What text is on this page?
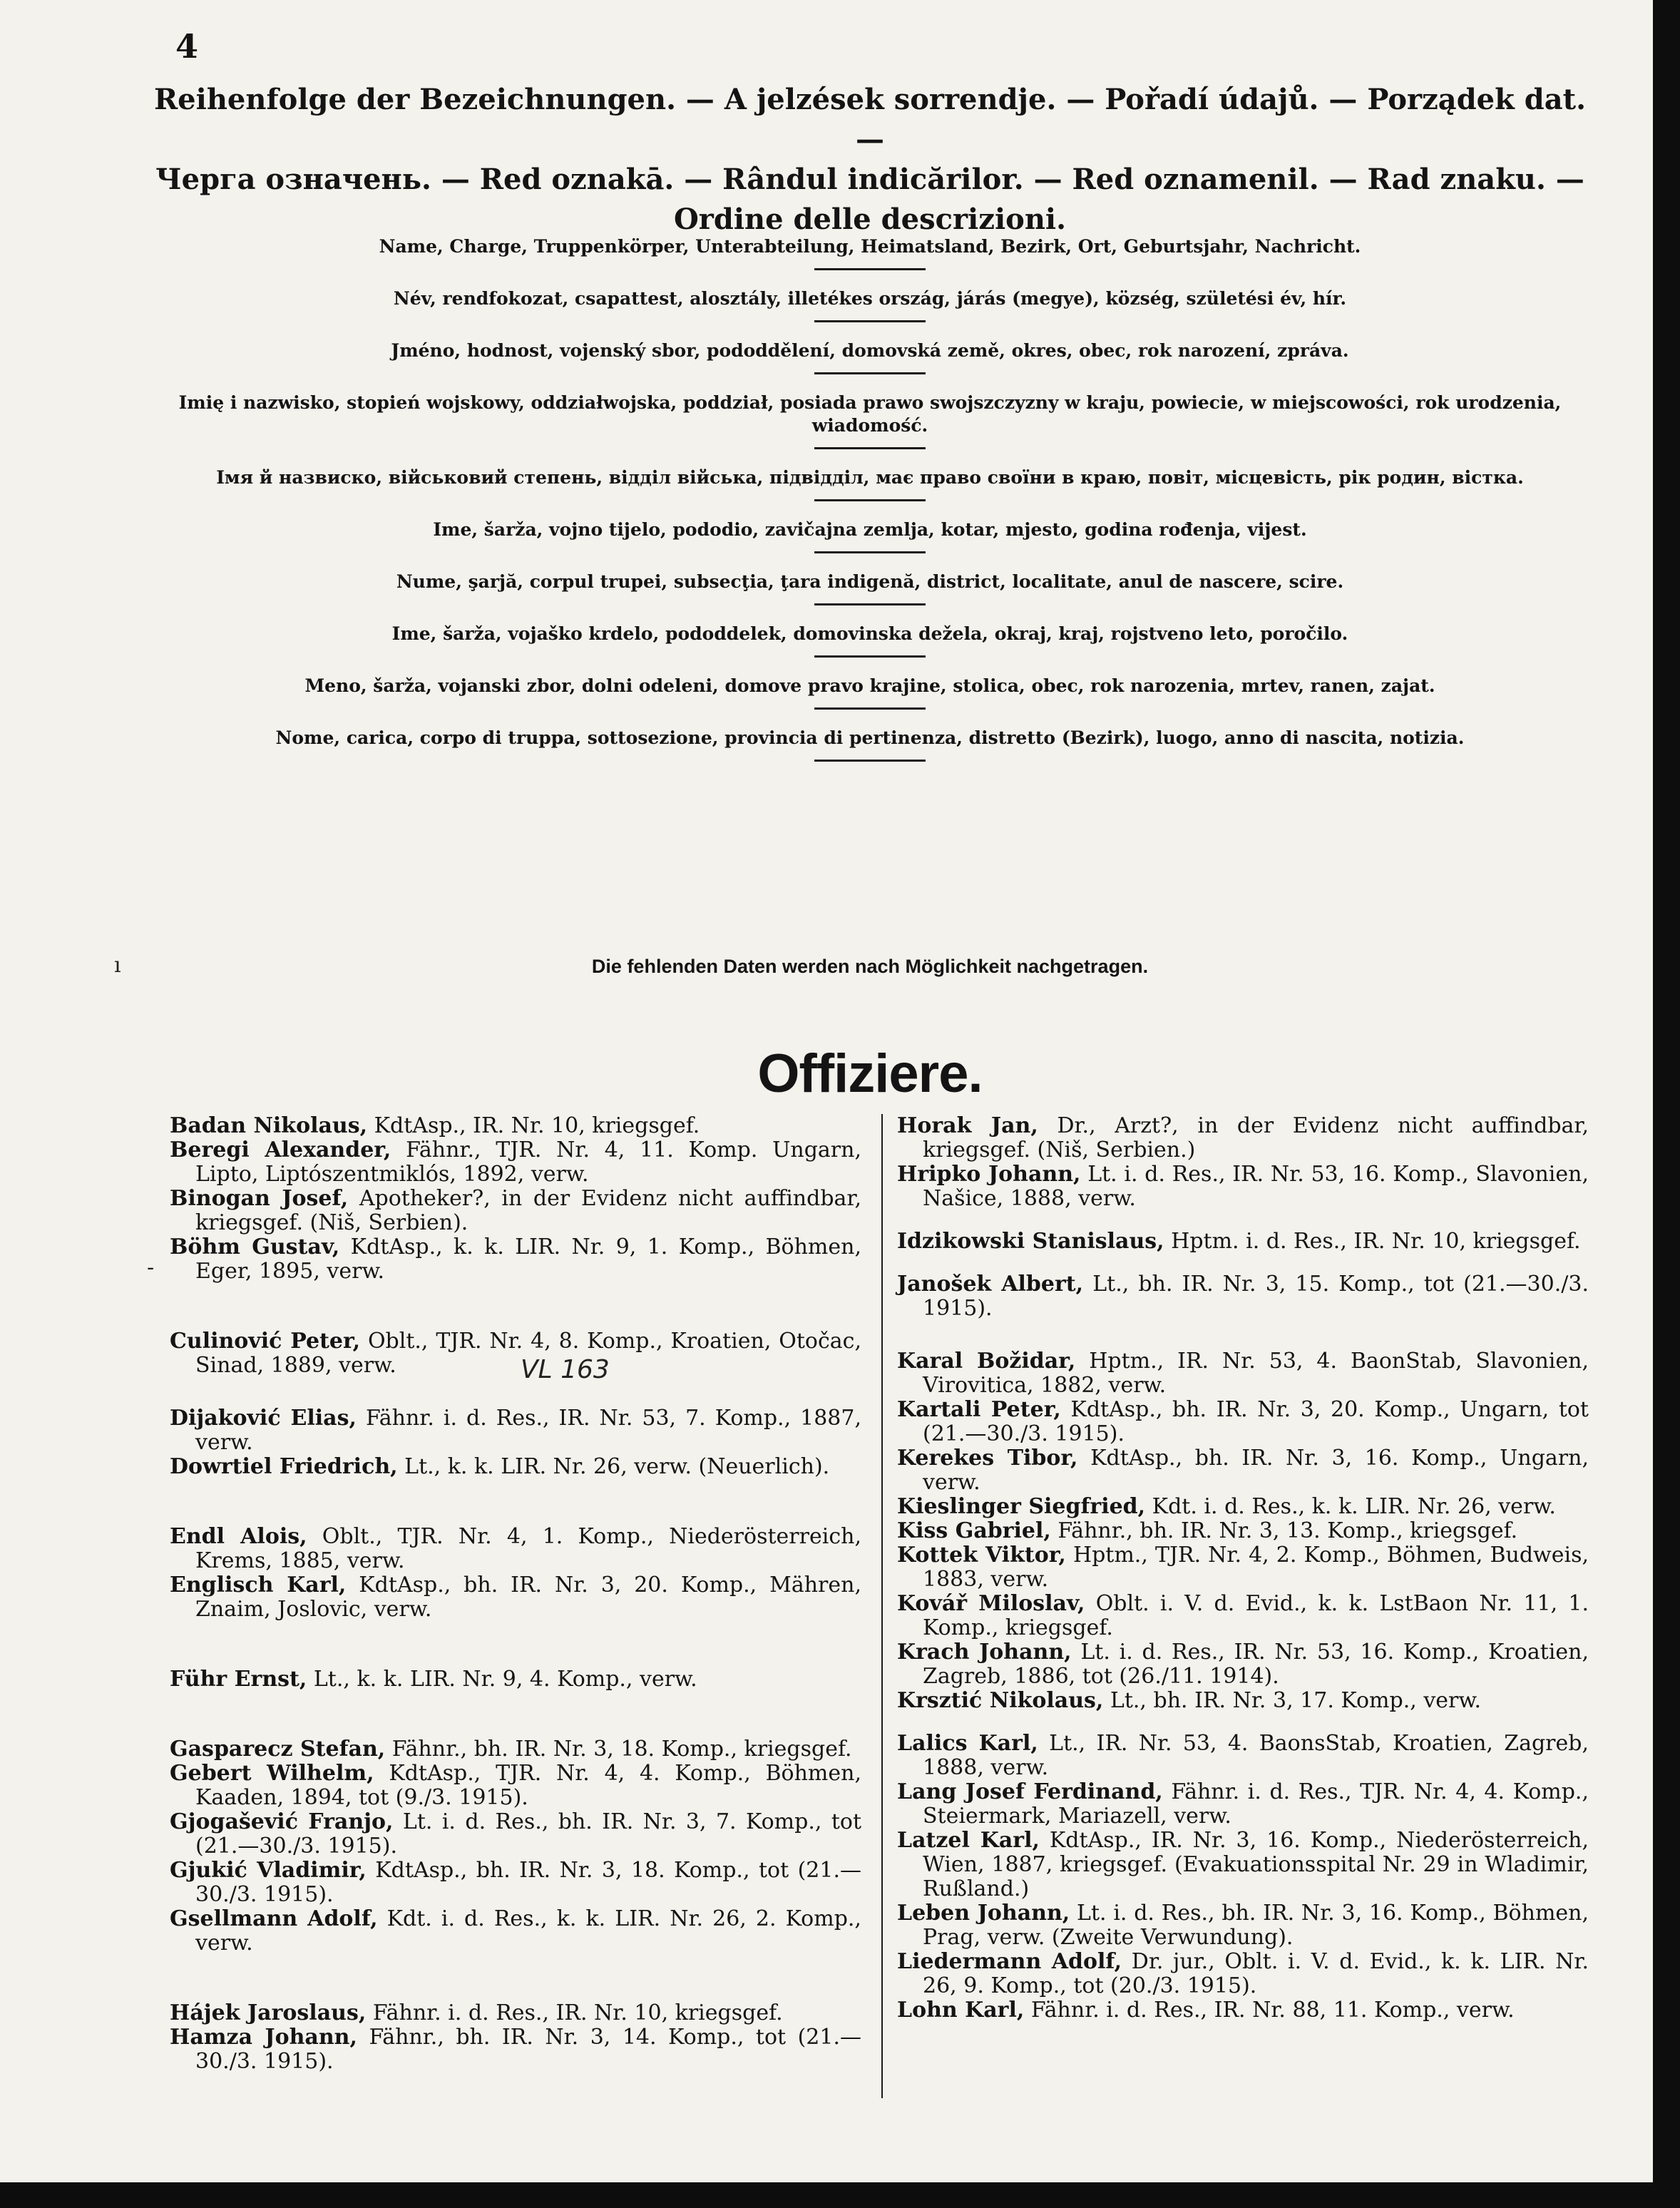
4
Reihenfolge der Bezeichnungen. — A jelzések sorrendje. — Pořadí údajů. — Porządek dat. —
Черга означень. — Red oznakā. — Rândul indicărilor. — Red oznamenil. — Rad znaku. —
Ordine delle descrizioni.
Name, Charge, Truppenkörper, Unterabteilung, Heimatsland, Bezirk, Ort, Geburtsjahr, Nachricht.
Név, rendfokozat, csapattest, alosztály, illetékes ország, járás (megye), község, születési év, hír.
Jméno, hodnost, vojenský sbor, pododdělení, domovská země, okres, obec, rok narození, zpráva.
Imię i nazwisko, stopień wojskowy, oddziałwojska, poddział, posiada prawo swojszczyzny w kraju, powiecie, w miejscowości, rok urodzenia, wiadomość.
Імя й назвиско, військовий степень, відділ війська, підвідділ, має право своїни в краю, повіт, місцевість, рік родин, вістка.
Ime, šarža, vojno tijelo, pododio, zavičajna zemlja, kotar, mjesto, godina rođenja, vijest.
Nume, şarjă, corpul trupei, subsecţia, ţara indigenă, district, localitate, anul de nascere, scire.
Ime, šarža, vojaško krdelo, pododdelek, domovinska dežela, okraj, kraj, rojstveno leto, poročilo.
Meno, šarža, vojanski zbor, dolni odeleni, domove pravo krajine, stolica, obec, rok narozenia, mrtev, ranen, zajat.
Nome, carica, corpo di truppa, sottosezione, provincia di pertinenza, distretto (Bezirk), luogo, anno di nascita, notizia.
Die fehlenden Daten werden nach Möglichkeit nachgetragen.
Offiziere.
Badan Nikolaus, KdtAsp., IR. Nr. 10, kriegsgef.
Beregi Alexander, Fähnr., TJR. Nr. 4, 11. Komp. Ungarn, Lipto, Liptószentmiklós, 1892, verw.
Binogan Josef, Apotheker?, in der Evidenz nicht auffindbar, kriegsgef. (Niš, Serbien).
Böhm Gustav, KdtAsp., k. k. LIR. Nr. 9, 1. Komp., Böhmen, Eger, 1895, verw.
Culinović Peter, Oblt., TJR. Nr. 4, 8. Komp., Kroatien, Otočac, Sinad, 1889, verw.
Dijaković Elias, Fähnr. i. d. Res., IR. Nr. 53, 7. Komp., 1887, verw.
Dowrtiel Friedrich, Lt., k. k. LIR. Nr. 26, verw. (Neuerlich).
Endl Alois, Oblt., TJR. Nr. 4, 1. Komp., Niederösterreich, Krems, 1885, verw.
Englisch Karl, KdtAsp., bh. IR. Nr. 3, 20. Komp., Mähren, Znaim, Joslovic, verw.
Führ Ernst, Lt., k. k. LIR. Nr. 9, 4. Komp., verw.
Gasparecz Stefan, Fähnr., bh. IR. Nr. 3, 18. Komp., kriegsgef.
Gebert Wilhelm, KdtAsp., TJR. Nr. 4, 4. Komp., Böhmen, Kaaden, 1894, tot (9./3. 1915).
Gjogašević Franjo, Lt. i. d. Res., bh. IR. Nr. 3, 7. Komp., tot (21.—30./3. 1915).
Gjukić Vladimir, KdtAsp., bh. IR. Nr. 3, 18. Komp., tot (21.—30./3. 1915).
Gsellmann Adolf, Kdt. i. d. Res., k. k. LIR. Nr. 26, 2. Komp., verw.
Hájek Jaroslaus, Fähnr. i. d. Res., IR. Nr. 10, kriegsgef.
Hamza Johann, Fähnr., bh. IR. Nr. 3, 14. Komp., tot (21.—30./3. 1915).
Horak Jan, Dr., Arzt?, in der Evidenz nicht auffindbar, kriegsgef. (Niš, Serbien.)
Hripko Johann, Lt. i. d. Res., IR. Nr. 53, 16. Komp., Slavonien, Našice, 1888, verw.
Idzikowski Stanislaus, Hptm. i. d. Res., IR. Nr. 10, kriegsgef.
Janošek Albert, Lt., bh. IR. Nr. 3, 15. Komp., tot (21.—30./3. 1915).
Karal Božidar, Hptm., IR. Nr. 53, 4. BaonStab, Slavonien, Virovitica, 1882, verw.
Kartali Peter, KdtAsp., bh. IR. Nr. 3, 20. Komp., Ungarn, tot (21.—30./3. 1915).
Kerekes Tibor, KdtAsp., bh. IR. Nr. 3, 16. Komp., Ungarn, verw.
Kieslinger Siegfried, Kdt. i. d. Res., k. k. LIR. Nr. 26, verw.
Kiss Gabriel, Fähnr., bh. IR. Nr. 3, 13. Komp., kriegsgef.
Kottek Viktor, Hptm., TJR. Nr. 4, 2. Komp., Böhmen, Budweis, 1883, verw.
Kovář Miloslav, Oblt. i. V. d. Evid., k. k. LstBaon Nr. 11, 1. Komp., kriegsgef.
Krach Johann, Lt. i. d. Res., IR. Nr. 53, 16. Komp., Kroatien, Zagreb, 1886, tot (26./11. 1914).
Krsztić Nikolaus, Lt., bh. IR. Nr. 3, 17. Komp., verw.
Lalics Karl, Lt., IR. Nr. 53, 4. BaonsStab, Kroatien, Zagreb, 1888, verw.
Lang Josef Ferdinand, Fähnr. i. d. Res., TJR. Nr. 4, 4. Komp., Steiermark, Mariazell, verw.
Latzel Karl, KdtAsp., IR. Nr. 3, 16. Komp., Niederösterreich, Wien, 1887, kriegsgef. (Evakuationsspital Nr. 29 in Wladimir, Rußland.)
Leben Johann, Lt. i. d. Res., bh. IR. Nr. 3, 16. Komp., Böhmen, Prag, verw. (Zweite Verwundung).
Liedermann Adolf, Dr. jur., Oblt. i. V. d. Evid., k. k. LIR. Nr. 26, 9. Komp., tot (20./3. 1915).
Lohn Karl, Fähnr. i. d. Res., IR. Nr. 88, 11. Komp., verw.
VL 163
ı
-
